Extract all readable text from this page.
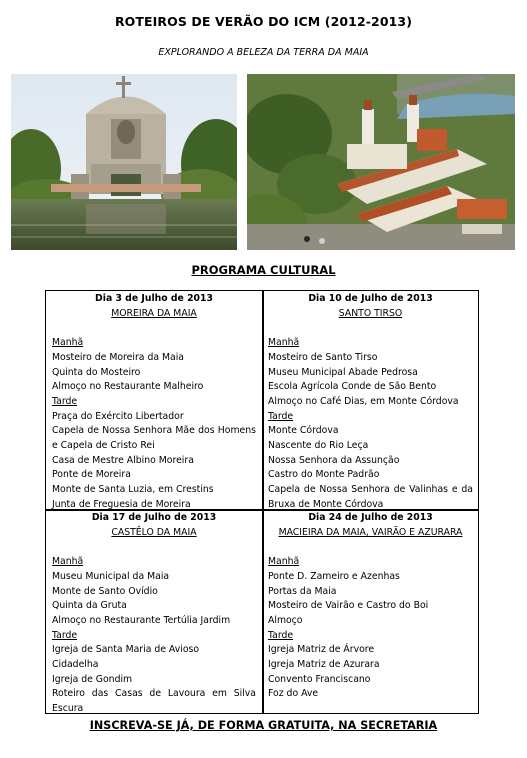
ROTEIROS DE VERÃO DO ICM (2012-2013)
EXPLORANDO A BELEZA DA TERRA DA MAIA
PROGRAMA CULTURAL
Dia 3 de Julho de 2013
MOREIRA DA MAIA
Manhã
Mosteiro de Moreira da Maia
Quinta do Mosteiro
Almoço no Restaurante Malheiro
Tarde
Praça do Exército Libertador
Capela de Nossa Senhora Mãe dos Homens e Capela de Cristo Rei
Casa de Mestre Albino Moreira
Ponte de Moreira
Monte de Santa Luzia, em Crestins
Junta de Freguesia de Moreira
Dia 10 de Julho de 2013
SANTO TIRSO
Manhã
Mosteiro de Santo Tirso
Museu Municipal Abade Pedrosa
Escola Agrícola Conde de São Bento
Almoço no Café Dias, em Monte Córdova
Tarde
Monte Córdova
Nascente do Rio Leça
Nossa Senhora da Assunção
Castro do Monte Padrão
Capela de Nossa Senhora de Valinhas e da Bruxa de Monte Córdova
Dia 17 de Julho de 2013
CASTÊLO DA MAIA
Manhã
Museu Municipal da Maia
Monte de Santo Ovídio
Quinta da Gruta
Almoço no Restaurante Tertúlia Jardim
Tarde
Igreja de Santa Maria de Avioso
Cidadelha
Igreja de Gondim
Roteiro das Casas de Lavoura em Silva Escura
Dia 24 de Julho de 2013
MACIEIRA DA MAIA, VAIRÃO E AZURARA
Manhã
Ponte D. Zameiro e Azenhas
Portas da Maia
Mosteiro de Vairão e Castro do Boi
Almoço
Tarde
Igreja Matriz de Árvore
Igreja Matriz de Azurara
Convento Franciscano
Foz do Ave
INSCREVA-SE JÁ, DE FORMA GRATUITA, NA SECRETARIA
